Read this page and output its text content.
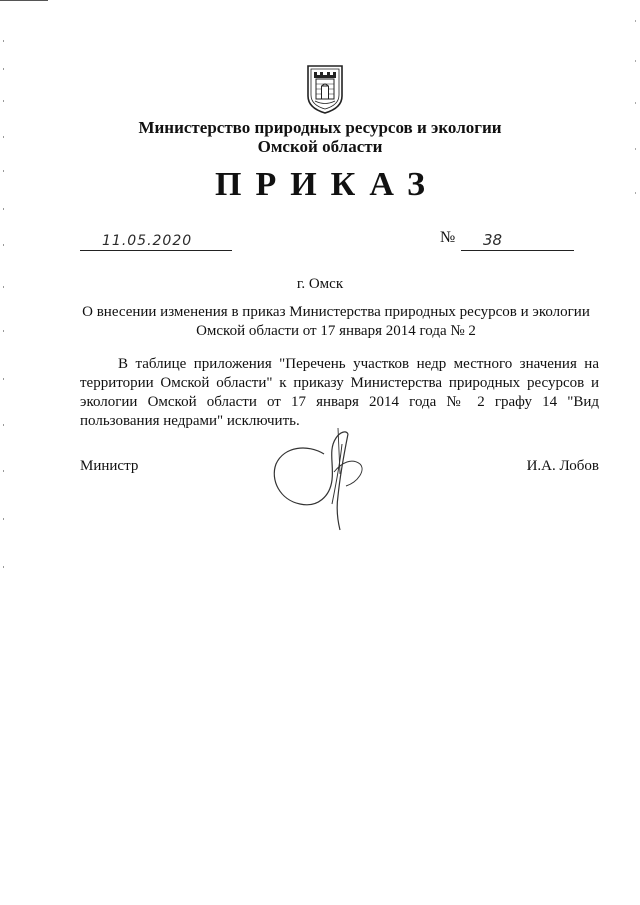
Министерство природных ресурсов и экологии
Омской области
ПРИКАЗ
11.05.2020	№ 38
г. Омск
О внесении изменения в приказ Министерства природных ресурсов и экологии Омской области от 17 января 2014 года № 2

В таблице приложения "Перечень участков недр местного значения на территории Омской области" к приказу Министерства природных ресурсов и экологии Омской области от 17 января 2014 года № 2 графу 14 "Вид пользования недрами" исключить.

Министр	И.А. Лобов
